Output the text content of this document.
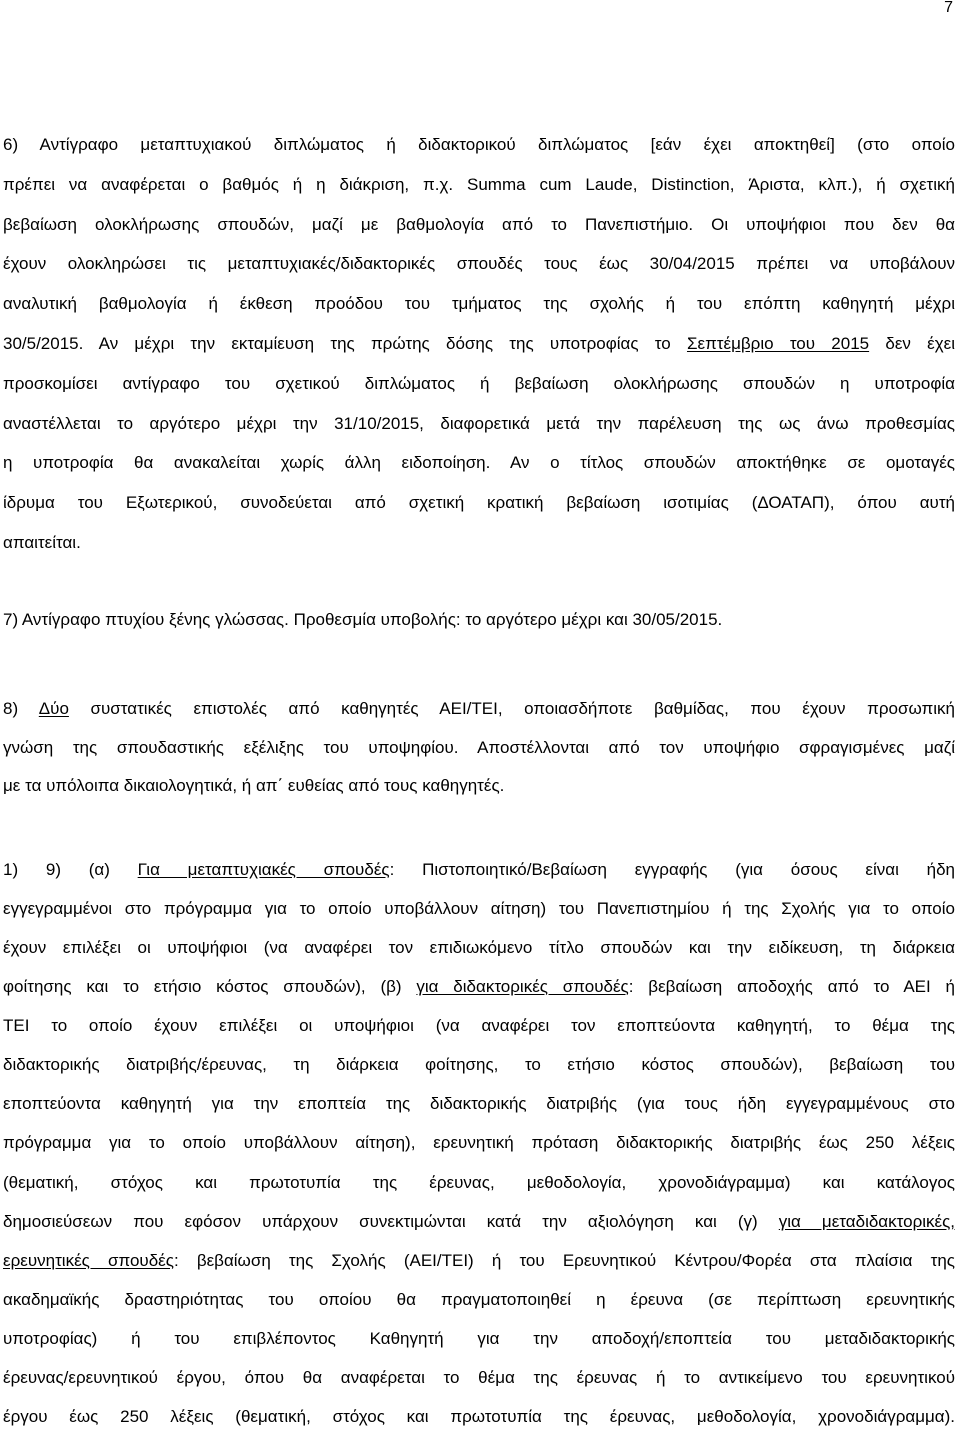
7
6) Αντίγραφο μεταπτυχιακού διπλώματος ή διδακτορικού διπλώματος [εάν έχει αποκτηθεί] (στο οποίο
πρέπει να αναφέρεται ο βαθμός ή η διάκριση, π.χ. Summa cum Laude, Distinction, Άριστα, κλπ.), ή σχετική
βεβαίωση ολοκλήρωσης σπουδών, μαζί με βαθμολογία από το Πανεπιστήμιο. Οι υποψήφιοι που δεν θα
έχουν ολοκληρώσει τις μεταπτυχιακές/διδακτορικές σπουδές τους έως 30/04/2015 πρέπει να υποβάλουν
αναλυτική βαθμολογία ή έκθεση προόδου του τμήματος της σχολής ή του επόπτη καθηγητή μέχρι
30/5/2015. Αν μέχρι την εκταμίευση της πρώτης δόσης της υποτροφίας το Σεπτέμβριο του 2015 δεν έχει
προσκομίσει αντίγραφο του σχετικού διπλώματος ή βεβαίωση ολοκλήρωσης σπουδών η υποτροφία
αναστέλλεται το αργότερο μέχρι την 31/10/2015, διαφορετικά μετά την παρέλευση της ως άνω προθεσμίας
η υποτροφία θα ανακαλείται χωρίς άλλη ειδοποίηση. Αν ο τίτλος σπουδών αποκτήθηκε σε ομοταγές
ίδρυμα του Εξωτερικού, συνοδεύεται από σχετική κρατική βεβαίωση ισοτιμίας (ΔΟΑΤΑΠ), όπου αυτή
απαιτείται.
7) Αντίγραφο πτυχίου ξένης γλώσσας. Προθεσμία υποβολής: το αργότερο μέχρι και 30/05/2015.
8) Δύο συστατικές επιστολές από καθηγητές ΑΕΙ/ΤΕΙ, οποιασδήποτε βαθμίδας, που έχουν προσωπική
γνώση της σπουδαστικής εξέλιξης του υποψηφίου. Αποστέλλονται από τον υποψήφιο σφραγισμένες μαζί
με τα υπόλοιπα δικαιολογητικά, ή απ΄ ευθείας από τους καθηγητές.
1) 9) (α) Για μεταπτυχιακές σπουδές: Πιστοποιητικό/Βεβαίωση εγγραφής (για όσους είναι ήδη
εγγεγραμμένοι στο πρόγραμμα για το οποίο υποβάλλουν αίτηση) του Πανεπιστημίου ή της Σχολής για το οποίο
έχουν επιλέξει οι υποψήφιοι (να αναφέρει τον επιδιωκόμενο τίτλο σπουδών και την ειδίκευση, τη διάρκεια
φοίτησης και το ετήσιο κόστος σπουδών), (β) για διδακτορικές σπουδές: βεβαίωση αποδοχής από το ΑΕΙ ή
ΤΕΙ το οποίο έχουν επιλέξει οι υποψήφιοι (να αναφέρει τον εποπτεύοντα καθηγητή, το θέμα της
διδακτορικής διατριβής/έρευνας, τη διάρκεια φοίτησης, το ετήσιο κόστος σπουδών), βεβαίωση του
εποπτεύοντα καθηγητή για την εποπτεία της διδακτορικής διατριβής (για τους ήδη εγγεγραμμένους στο
πρόγραμμα για το οποίο υποβάλλουν αίτηση), ερευνητική πρόταση διδακτορικής διατριβής έως 250 λέξεις
(θεματική, στόχος και πρωτοτυπία της έρευνας, μεθοδολογία, χρονοδιάγραμμα) και κατάλογος
δημοσιεύσεων που εφόσον υπάρχουν συνεκτιμώνται κατά την αξιολόγηση και (γ) για μεταδιδακτορικές,
ερευνητικές σπουδές: βεβαίωση της Σχολής (ΑΕΙ/ΤΕΙ) ή του Ερευνητικού Κέντρου/Φορέα στα πλαίσια της
ακαδημαϊκής δραστηριότητας του οποίου θα πραγματοποιηθεί η έρευνα (σε περίπτωση ερευνητικής
υποτροφίας) ή του επιβλέποντος Καθηγητή για την αποδοχή/εποπτεία του μεταδιδακτορικής
έρευνας/ερευνητικού έργου, όπου θα αναφέρεται το θέμα της έρευνας ή το αντικείμενο του ερευνητικού
έργου έως 250 λέξεις (θεματική, στόχος και πρωτοτυπία της έρευνας, μεθοδολογία, χρονοδιάγραμμα).
